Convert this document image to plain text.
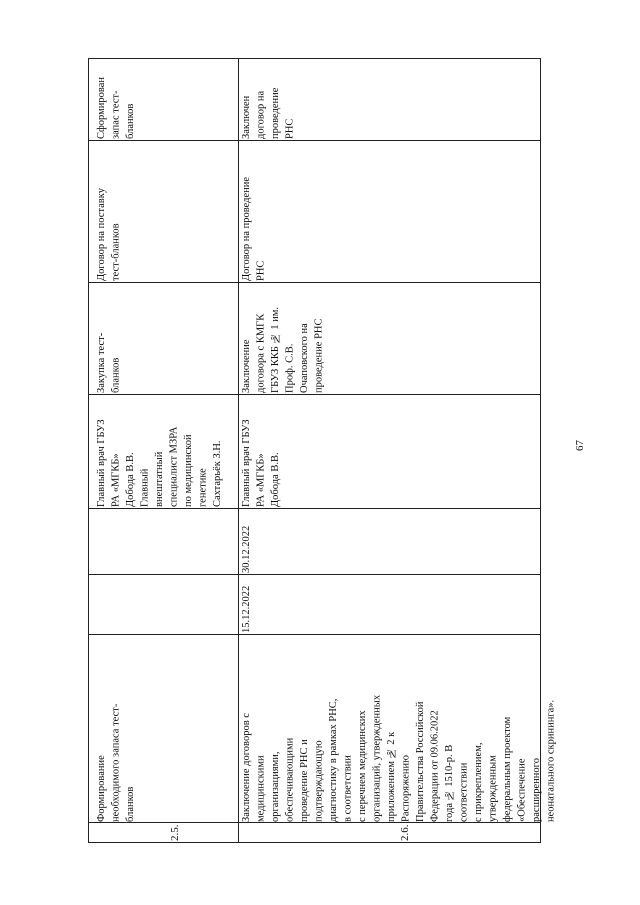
2.5.
Формирование
необходимого запаса тест-
бланков
Главный врач ГБУЗ
РА «МГКБ»
Добода В.В.
Главный
внештатный
специалист МЗРА
по медицинской
генетике
Сахтарьёк З.Н.
Закупка тест-
бланков
Договор на поставку
тест-бланков
Сформирован
запас тест-
бланков
2.6.
Заключение договоров с
медицинскими
организациями,
обеспечивающими
проведение РНС и
подтверждающую
диагностику в рамках РНС,
в соответствии
с перечнем медицинских
организаций, утвержденных
приложением № 2 к
Распоряжению
Правительства Российской
Федерации от 09.06.2022
года № 1510-р. В
соответствии
с прикреплением,
утвержденным
федеральным проектом
«Обеспечение
расширенного
неонатального скрининга».
15.12.2022
30.12.2022
Главный врач ГБУЗ
РА «МГКБ»
Добода В.В.
Заключение
договора с КМГК
ГБУЗ ККБ № 1 им.
Проф. С.В.
Очаповского на
проведение РНС
Договор на проведение
РНС
Заключен
договор на
проведение
РНС
67
